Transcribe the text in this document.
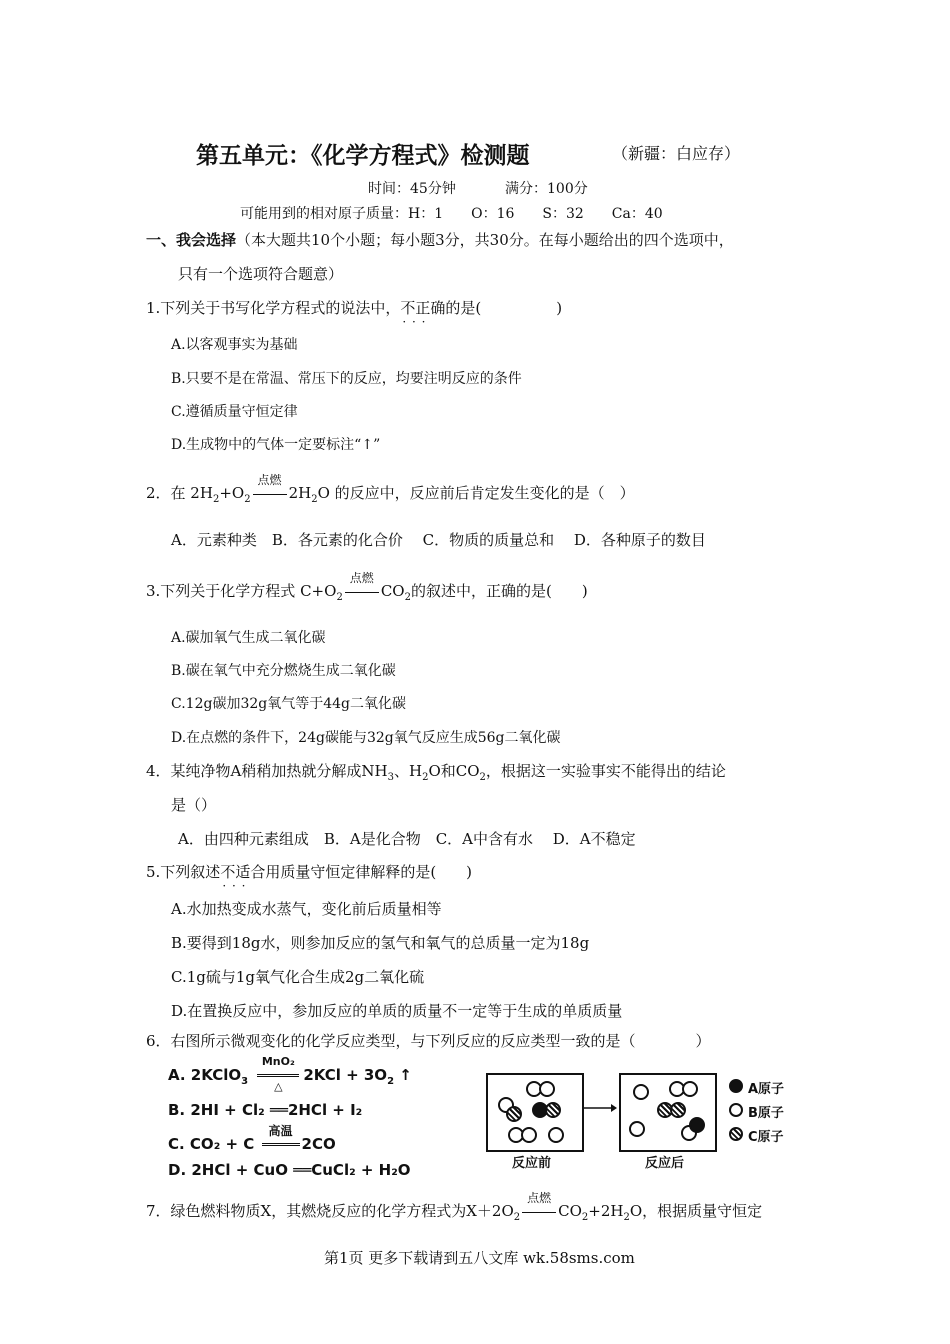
第五单元：《化学方程式》检测题	（新疆：白应存）
时间：45分钟	满分：100分
可能用到的相对原子质量：H：1　　O：16　　S：32　　Ca：40
一、我会选择（本大题共10个小题；每小题3分，共30分。在每小题给出的四个选项中，
只有一个选项符合题意）
1.下列关于书写化学方程式的说法中，不正确 · · ·的是(　　　　　)
A.以客观事实为基础
B.只要不是在常温、常压下的反应，均要注明反应的条件
C.遵循质量守恒定律
D.生成物中的气体一定要标注“↑”
2．在 $2H_2+O_2$
点燃
$2H_2O$ 的反应中，反应前后肯定发生变化的是（　）
A．元素种类　B．各元素的化合价　 C．物质的质量总和　 D．各种原子的数目
3.下列关于化学方程式 $C+O_2$
点燃
$CO_2$的叙述中，正确的是(　　)
A.碳加氧气生成二氧化碳
B.碳在氧气中充分燃烧生成二氧化碳
C.12g碳加32g氧气等于44g二氧化碳
D.在点燃的条件下，24g碳能与32g氧气反应生成56g二氧化碳
4．某纯净物A稍稍加热就分解成$NH_3$、$H_2O$和$CO_2$，根据这一实验事实不能得出的结论
是（）
A．由四种元素组成　B．A是化合物　C．A中含有水　 D．A不稳定
5.下列叙述不适合 · · ·用质量守恒定律解释的是(　　)
A.水加热变成水蒸气，变化前后质量相等
B.要得到18g水，则参加反应的氢气和氧气的总质量一定为18g
C.1g硫与1g氧气化合生成2g二氧化硫
D.在置换反应中，参加反应的单质的质量不一定等于生成的单质质量
6．右图所示微观变化的化学反应类型，与下列反应的反应类型一致的是（　　　　）
A. 2KClO$_3$
MnO₂
△
$2KCl + 3O_2$ ↑
B. 2HI + Cl₂ ══2HCl + I₂
C. CO₂ + C
高温
2CO
D. 2HCl + CuO ══CuCl₂ + H₂O	反应前	反应后
A原子
B原子
C原子
7．绿色燃料物质X，其燃烧反应的化学方程式为$X+2O_2$
点燃
$CO_2+2H_2O$，根据质量守恒定
第1页 更多下载请到五八文库 wk.58sms.com
